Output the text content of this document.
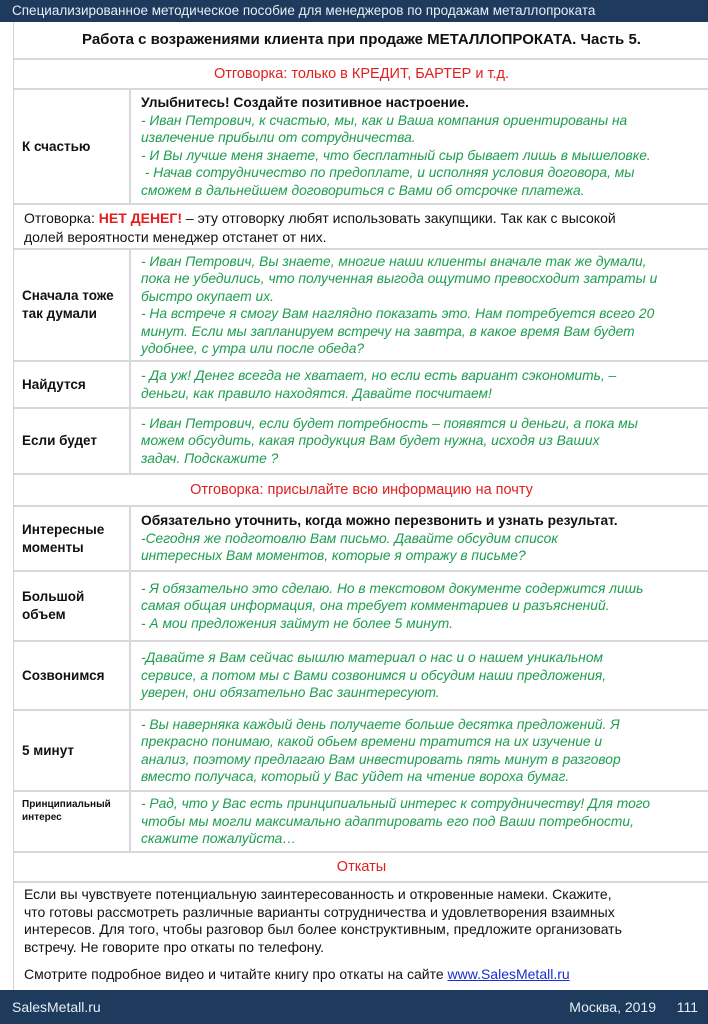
Специализированное методическое пособие для менеджеров по продажам металлопроката
Работа с возражениями клиента при продаже МЕТАЛЛОПРОКАТА. Часть 5.
Отговорка: только в КРЕДИТ, БАРТЕР и т.д.
К счастью
Улыбнитесь! Создайте позитивное настроение.
- Иван Петрович, к счастью, мы, как и Ваша компания ориентированы на
извлечение прибыли от сотрудничества.
- И Вы лучше меня знаете, что бесплатный сыр бывает лишь в мышеловке.
- Начав сотрудничество по предоплате, и исполняя условия договора, мы
сможем в дальнейшем договориться с Вами об отсрочке платежа.
Отговорка: НЕТ ДЕНЕГ! – эту отговорку любят использовать закупщики. Так как с высокой
долей вероятности менеджер отстанет от них.
Сначала тоже так думали
- Иван Петрович, Вы знаете, многие наши клиенты вначале так же думали,
пока не убедились, что полученная выгода ощутимо превосходит затраты и
быстро окупает их.
- На встрече я смогу Вам наглядно показать это. Нам потребуется всего 20
минут. Если мы запланируем встречу на завтра, в какое время Вам будет
удобнее, с утра или после обеда?
Найдутся
- Да уж! Денег всегда не хватает, но если есть вариант сэкономить, –
деньги, как правило находятся. Давайте посчитаем!
Если будет
- Иван Петрович, если будет потребность – появятся и деньги, а пока мы
можем обсудить, какая продукция Вам будет нужна, исходя из Ваших
задач. Подскажите ?
Отговорка: присылайте всю информацию на почту
Интересные моменты
Обязательно уточнить, когда можно перезвонить и узнать результат.
-Сегодня же подготовлю Вам письмо. Давайте обсудим список
интересных Вам моментов, которые я отражу в письме?
Большой объем
- Я обязательно это сделаю. Но в текстовом документе содержится лишь
самая общая информация, она требует комментариев и разъяснений.
- А мои предложения займут не более 5 минут.
Созвонимся
-Давайте я Вам сейчас вышлю материал о нас и о нашем уникальном
сервисе, а потом мы с Вами созвонимся и обсудим наши предложения,
уверен, они обязательно Вас заинтересуют.
5 минут
- Вы наверняка каждый день получаете больше десятка предложений. Я
прекрасно понимаю, какой обьем времени тратится на их изучение и
анализ, поэтому предлагаю Вам инвестировать пять минут в разговор
вместо получаса, который у Вас уйдет на чтение вороха бумаг.
Принципиальный интерес
- Рад, что у Вас есть принципиальный интерес к сотрудничеству! Для того
чтобы мы могли максимально адаптировать его под Ваши потребности,
скажите пожалуйста…
Откаты
Если вы чувствуете потенциальную заинтересованность и откровенные намеки. Скажите,
что готовы рассмотреть различные варианты сотрудничества и удовлетворения взаимных
интересов. Для того, чтобы разговор был более конструктивным, предложите организовать
встречу. Не говорите про откаты по телефону.
Смотрите подробное видео и читайте книгу про откаты на сайте www.SalesMetall.ru
SalesMetall.ru	Москва, 2019 111
